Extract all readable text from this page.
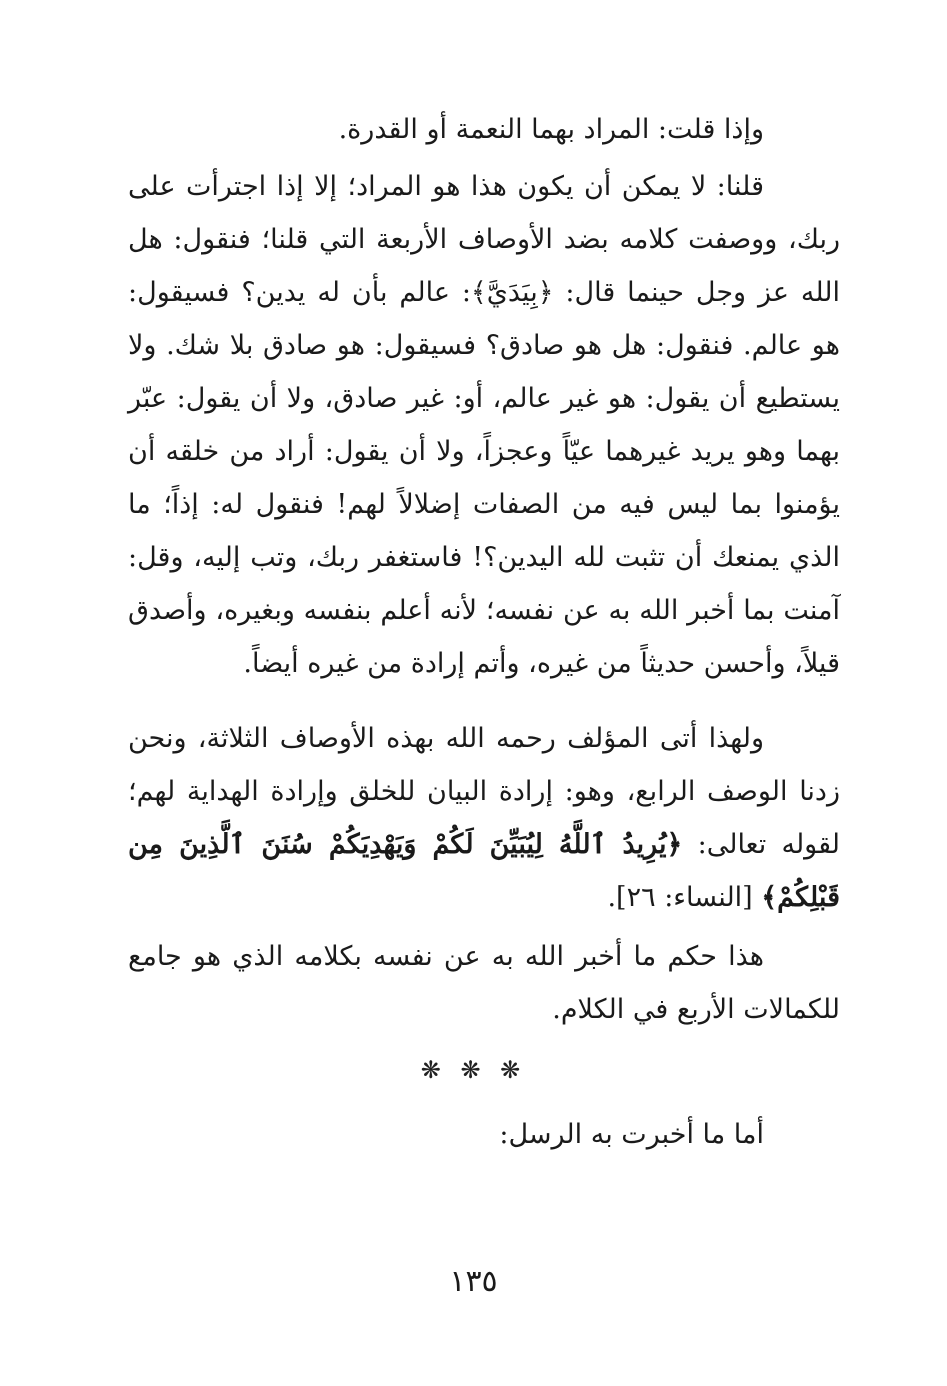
وإذا قلت: المراد بهما النعمة أو القدرة.

قلنا: لا يمكن أن يكون هذا هو المراد؛ إلا إذا اجترأت على ربك، ووصفت كلامه بضد الأوصاف الأربعة التي قلنا؛ فنقول: هل الله عز وجل حينما قال: ﴿بِيَدَيَّ﴾: عالم بأن له يدين؟ فسيقول: هو عالم. فنقول: هل هو صادق؟ فسيقول: هو صادق بلا شك. ولا يستطيع أن يقول: هو غير عالم، أو: غير صادق، ولا أن يقول: عبّر بهما وهو يريد غيرهما عيّاً وعجزاً، ولا أن يقول: أراد من خلقه أن يؤمنوا بما ليس فيه من الصفات إضلالاً لهم! فنقول له: إذاً؛ ما الذي يمنعك أن تثبت لله اليدين؟! فاستغفر ربك، وتب إليه، وقل: آمنت بما أخبر الله به عن نفسه؛ لأنه أعلم بنفسه وبغيره، وأصدق قيلاً، وأحسن حديثاً من غيره، وأتم إرادة من غيره أيضاً.

ولهذا أتى المؤلف رحمه الله بهذه الأوصاف الثلاثة، ونحن زدنا الوصف الرابع، وهو: إرادة البيان للخلق وإرادة الهداية لهم؛ لقوله تعالى: ﴿يُرِيدُ ٱللَّهُ لِيُبَيِّنَ لَكُمْ وَيَهْدِيَكُمْ سُنَنَ ٱلَّذِينَ مِن قَبْلِكُمْ﴾ [النساء: ٢٦].

هذا حكم ما أخبر الله به عن نفسه بكلامه الذي هو جامع للكمالات الأربع في الكلام.

❋ ❋ ❋

أما ما أخبرت به الرسل:

١٣٥
